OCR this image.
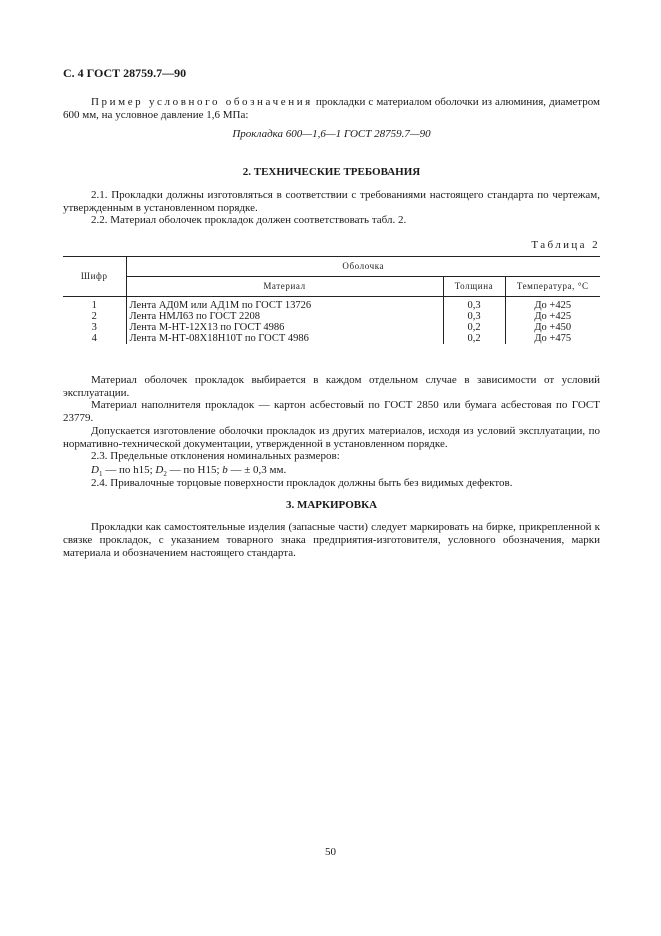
С. 4 ГОСТ 28759.7—90
Пример условного обозначения прокладки с материалом оболочки из алюминия, диаметром 600 мм, на условное давление 1,6 МПа:
Прокладка 600—1,6—1 ГОСТ 28759.7—90
2. ТЕХНИЧЕСКИЕ ТРЕБОВАНИЯ
2.1. Прокладки должны изготовляться в соответствии с требованиями настоящего стандарта по чертежам, утвержденным в установленном порядке.
2.2. Материал оболочек прокладок должен соответствовать табл. 2.
Таблица 2
Шифр	Оболочка		
	Материал	Толщина	Температура, °С
1	Лента АД0М или АД1М по ГОСТ 13726	0,3	До +425
2	Лента НМЛ63 по ГОСТ 2208	0,3	До +425
3	Лента М-НТ-12Х13 по ГОСТ 4986	0,2	До +450
4	Лента М-НТ-08Х18Н10Т по ГОСТ 4986	0,2	До +475
Материал оболочек прокладок выбирается в каждом отдельном случае в зависимости от условий эксплуатации.
Материал наполнителя прокладок — картон асбестовый по ГОСТ 2850 или бумага асбестовая по ГОСТ 23779.
Допускается изготовление оболочки прокладок из других материалов, исходя из условий эксплуатации, по нормативно-технической документации, утвержденной в установленном порядке.
2.3. Предельные отклонения номинальных размеров:
$D_1$ — по h15; $D_2$ — по H15; b — ± 0,3 мм.
2.4. Привалочные торцовые поверхности прокладок должны быть без видимых дефектов.
3. МАРКИРОВКА
Прокладки как самостоятельные изделия (запасные части) следует маркировать на бирке, прикрепленной к связке прокладок, с указанием товарного знака предприятия-изготовителя, условного обозначения, марки материала и обозначением настоящего стандарта.
50
